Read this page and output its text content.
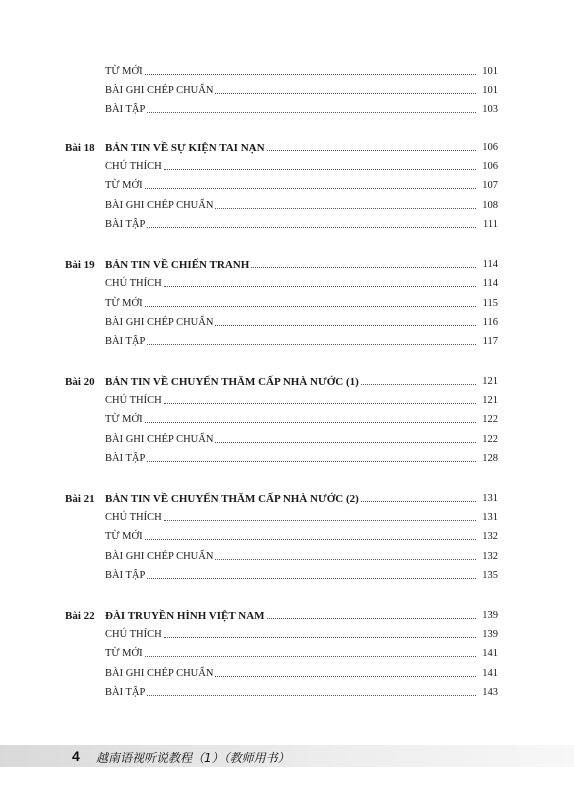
TỪ MỚI	101
BÀI GHI CHÉP CHUẨN	101
BÀI TẬP	103
Bài 18 BẢN TIN VỀ SỰ KIỆN TAI NẠN	106
CHÚ THÍCH	106
TỪ MỚI	107
BÀI GHI CHÉP CHUẨN	108
BÀI TẬP	111
Bài 19 BẢN TIN VỀ CHIẾN TRANH	114
CHÚ THÍCH	114
TỪ MỚI	115
BÀI GHI CHÉP CHUẨN	116
BÀI TẬP	117
Bài 20 BẢN TIN VỀ CHUYẾN THĂM CẤP NHÀ NƯỚC (1)	121
CHÚ THÍCH	121
TỪ MỚI	122
BÀI GHI CHÉP CHUẨN	122
BÀI TẬP	128
Bài 21 BẢN TIN VỀ CHUYẾN THĂM CẤP NHÀ NƯỚC (2)	131
CHÚ THÍCH	131
TỪ MỚI	132
BÀI GHI CHÉP CHUẨN	132
BÀI TẬP	135
Bài 22 ĐÀI TRUYỀN HÌNH VIỆT NAM	139
CHÚ THÍCH	139
TỪ MỚI	141
BÀI GHI CHÉP CHUẨN	141
BÀI TẬP	143
4 越南语视听说教程（1）（教师用书）
